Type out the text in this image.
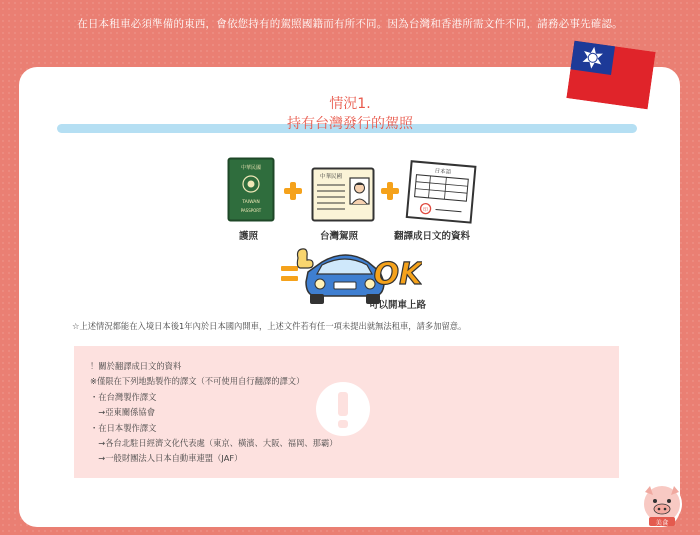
在日本租車必須準備的東西，會依您持有的駕照國籍而有所不同。因為台灣和香港所需文件不同，請務必事先確認。
情況1.
持有台灣發行的駕照
中華民國
TAIWAN
PASSPORT
中華民國
日本語
印
護照	台灣駕照	翻譯成日文的資料
OK
可以開車上路
☆上述情況都能在入境日本後1年內於日本國內開車，上述文件若有任一項未提出就無法租車，請多加留意。
！關於翻譯成日文的資料
※僅限在下列地點製作的譯文（不可使用自行翻譯的譯文）
・在台灣製作譯文
　→亞東關係協會
・在日本製作譯文
　→各台北駐日經濟文化代表處（東京、橫濱、大阪、福岡、那霸）
　→一般財團法人日本自動車連盟（JAF）
美食
